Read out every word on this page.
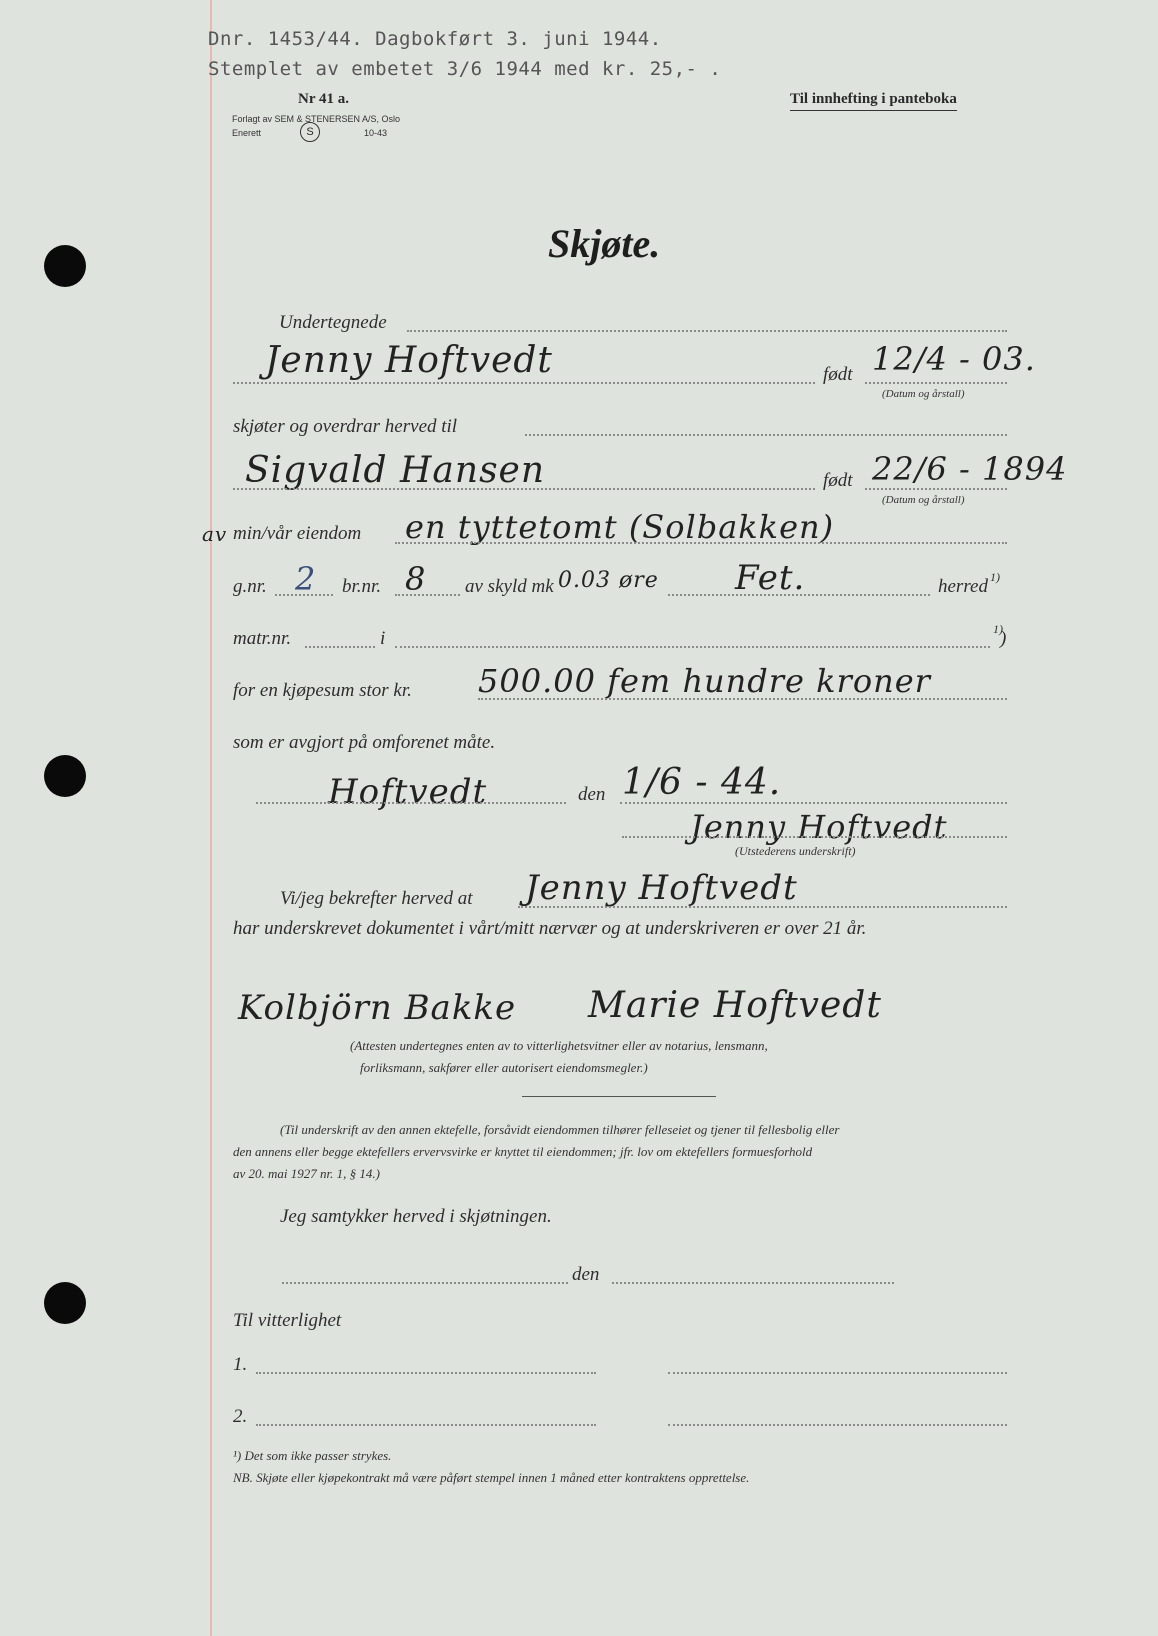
Dnr. 1453/44. Dagbokført 3. juni 1944.
Stemplet av embetet 3/6 1944 med kr. 25,- .
Nr 41 a.
Forlagt av SEM & STENERSEN A/S, Oslo
Enerett	S	10-43
Til innhefting i panteboka
Skjøte.
Undertegnede
Jenny Hoftvedt	født 12/4 - 03.
(Datum og årstall)
skjøter og overdrar herved til
Sigvald Hansen	født 22/6 - 1894
(Datum og årstall)
av min/vår eiendom en tyttetomt (Solbakken)
g.nr. 2 br.nr. 8 av skyld mk 0.03 øre Fet.	herred 1)
matr.nr.	i	1)
)
for en kjøpesum stor kr. 500.00 fem hundre kroner
som er avgjort på omforenet måte.
Hoftvedt	den 1/6 - 44.
Jenny Hoftvedt
(Utstederens underskrift)
Vi/jeg bekrefter herved at Jenny Hoftvedt
har underskrevet dokumentet i vårt/mitt nærvær og at underskriveren er over 21 år.
Kolbjörn Bakke Marie Hoftvedt
(Attesten undertegnes enten av to vitterlighetsvitner eller av notarius, lensmann,
forliksmann, sakfører eller autorisert eiendomsmegler.)
(Til underskrift av den annen ektefelle, forsåvidt eiendommen tilhører felleseiet og tjener til fellesbolig eller
den annens eller begge ektefellers ervervsvirke er knyttet til eiendommen; jfr. lov om ektefellers formuesforhold
av 20. mai 1927 nr. 1, § 14.)
Jeg samtykker herved i skjøtningen.
den
Til vitterlighet
1.
2.
¹) Det som ikke passer strykes.
NB. Skjøte eller kjøpekontrakt må være påført stempel innen 1 måned etter kontraktens opprettelse.
